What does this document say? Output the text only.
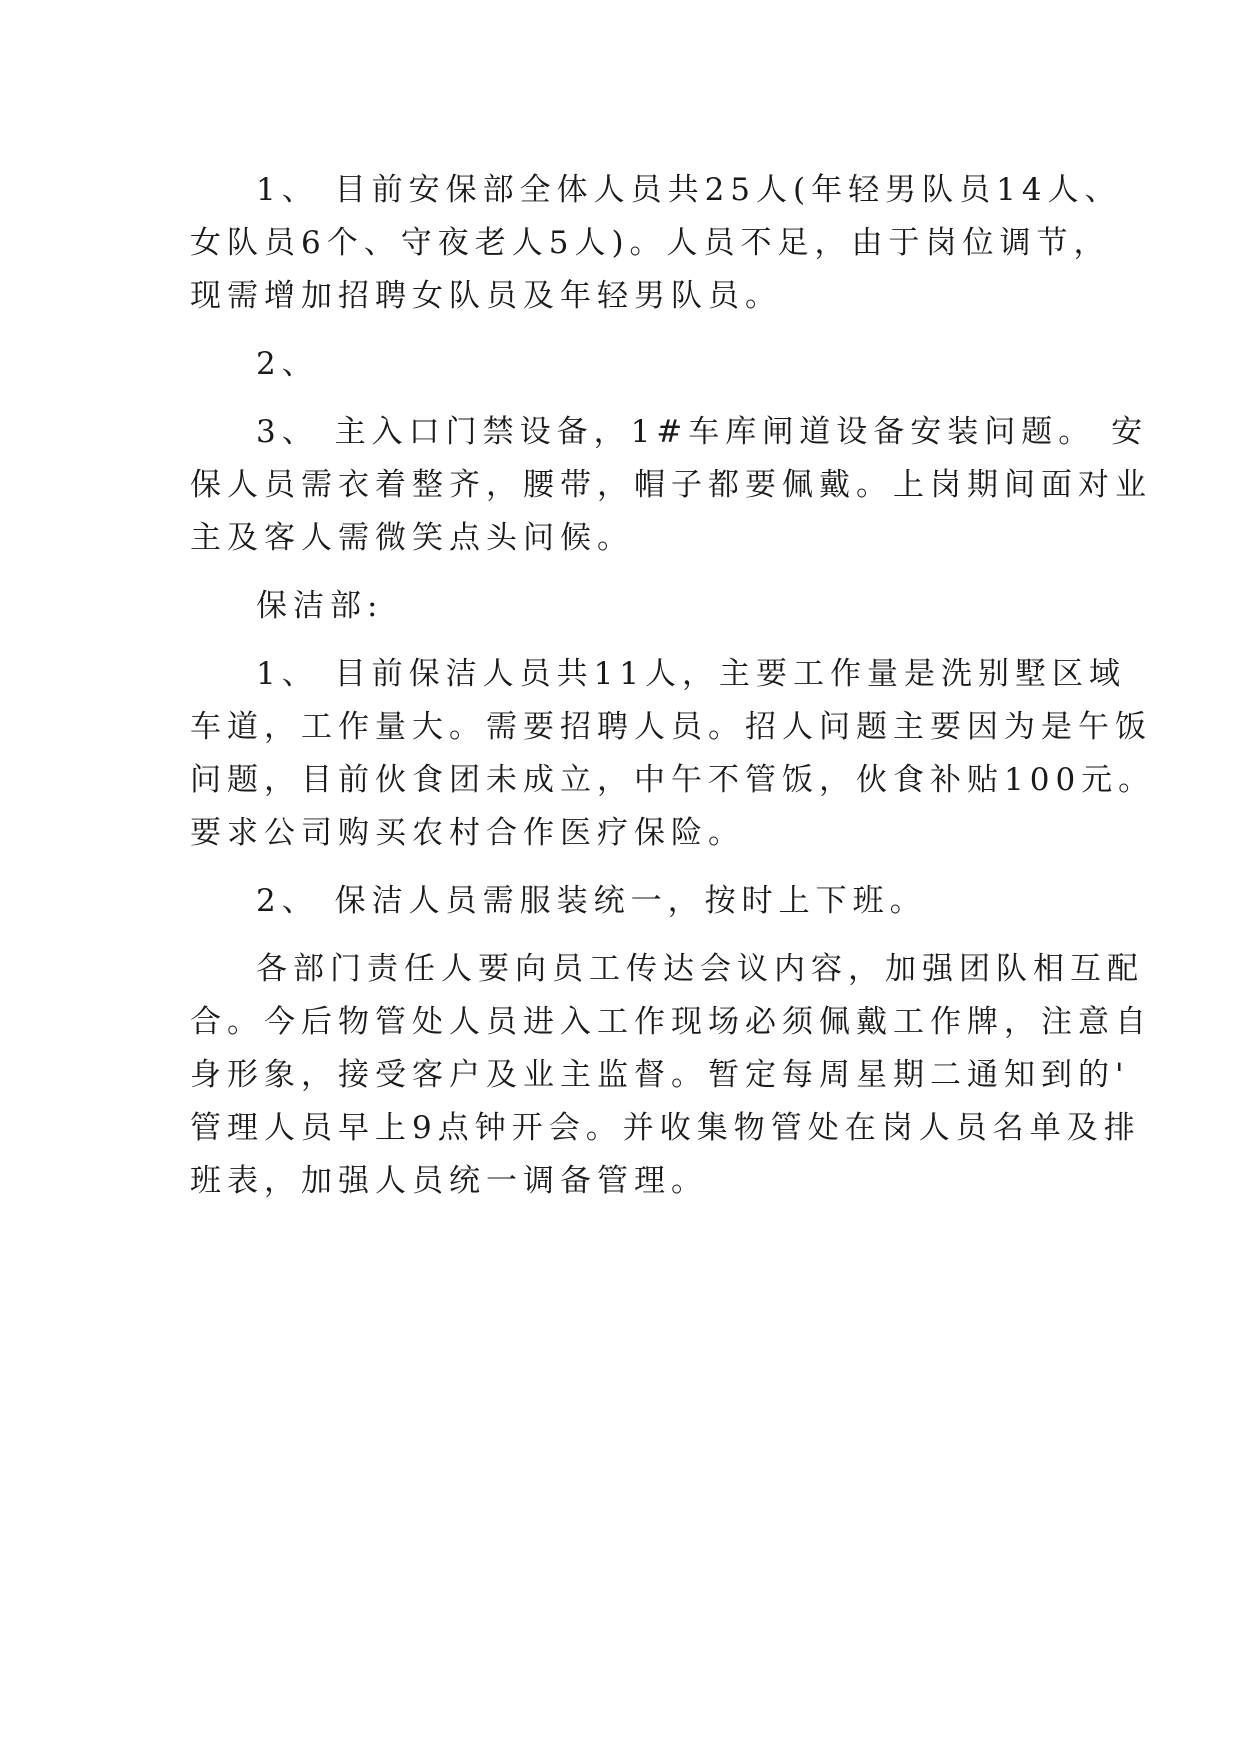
1、 目前安保部全体人员共25人(年轻男队员14人、
女队员6个、守夜老人5人)。人员不足，由于岗位调节，
现需增加招聘女队员及年轻男队员。
2、
3、 主入口门禁设备，1#车库闸道设备安装问题。 安
保人员需衣着整齐，腰带，帽子都要佩戴。上岗期间面对业
主及客人需微笑点头问候。
保洁部:
1、 目前保洁人员共11人，主要工作量是洗别墅区域
车道，工作量大。需要招聘人员。招人问题主要因为是午饭
问题，目前伙食团未成立，中午不管饭，伙食补贴100元。
要求公司购买农村合作医疗保险。
2、 保洁人员需服装统一，按时上下班。
各部门责任人要向员工传达会议内容，加强团队相互配
合。今后物管处人员进入工作现场必须佩戴工作牌，注意自
身形象，接受客户及业主监督。暂定每周星期二通知到的'
管理人员早上9点钟开会。并收集物管处在岗人员名单及排
班表，加强人员统一调备管理。
